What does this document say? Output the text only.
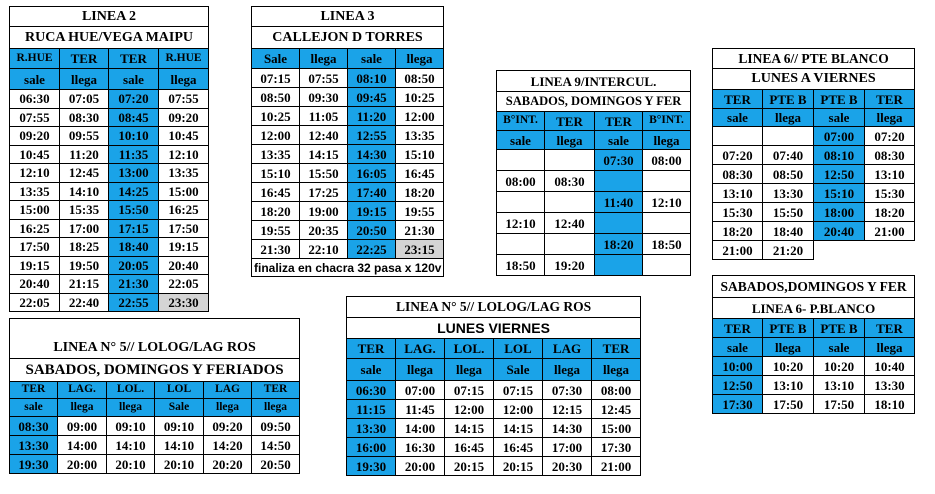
LINEA 2			
RUCA HUE/VEGA MAIPU			
R.HUE	TER	TER	R.HUE
sale	llega	sale	llega
06:30	07:05	07:20	07:55
07:55	08:30	08:45	09:20
09:20	09:55	10:10	10:45
10:45	11:20	11:35	12:10
12:10	12:45	13:00	13:35
13:35	14:10	14:25	15:00
15:00	15:35	15:50	16:25
16:25	17:00	17:15	17:50
17:50	18:25	18:40	19:15
19:15	19:50	20:05	20:40
20:40	21:15	21:30	22:05
22:05	22:40	22:55	23:30
LINEA 3			
CALLEJON D TORRES			
Sale	llega	sale	llega
07:15	07:55	08:10	08:50
08:50	09:30	09:45	10:25
10:25	11:05	11:20	12:00
12:00	12:40	12:55	13:35
13:35	14:15	14:30	15:10
15:10	15:50	16:05	16:45
16:45	17:25	17:40	18:20
18:20	19:00	19:15	19:55
19:55	20:35	20:50	21:30
21:30	22:10	22:25	23:15
finaliza en chacra 32 pasa x 120v			
LINEA 9/INTERCUL.			
SABADOS, DOMINGOS Y FER			
B°INT.	TER	TER	B°INT.
sale	llega	sale	llega
		07:30	08:00
08:00	08:30		
		11:40	12:10
12:10	12:40		
		18:20	18:50
18:50	19:20		
LINEA 6// PTE BLANCO			
LUNES A VIERNES			
TER	PTE B	PTE B	TER
sale	llega	sale	llega
		07:00	07:20
07:20	07:40	08:10	08:30
08:30	08:50	12:50	13:10
13:10	13:30	15:10	15:30
15:30	15:50	18:00	18:20
18:20	18:40	20:40	21:00
21:00	21:20		
SABADOS,DOMINGOS Y FER			
LINEA 6- P.BLANCO			
TER	PTE B	PTE B	TER
sale	llega	sale	llega
10:00	10:20	10:20	10:40
12:50	13:10	13:10	13:30
17:30	17:50	17:50	18:10
LINEA N° 5// LOLOG/LAG ROS					
LUNES VIERNES					
TER	LAG.	LOL.	LOL	LAG	TER
sale	llega	llega	Sale	llega	llega
06:30	07:00	07:15	07:15	07:30	08:00
11:15	11:45	12:00	12:00	12:15	12:45
13:30	14:00	14:15	14:15	14:30	15:00
16:00	16:30	16:45	16:45	17:00	17:30
19:30	20:00	20:15	20:15	20:30	21:00

LINEA N° 5// LOLOG/LAG ROS					
SABADOS, DOMINGOS Y FERIADOS					
TER	LAG.	LOL.	LOL	LAG	TER
sale	llega	llega	Sale	llega	llega
08:30	09:00	09:10	09:10	09:20	09:50
13:30	14:00	14:10	14:10	14:20	14:50
19:30	20:00	20:10	20:10	20:20	20:50
